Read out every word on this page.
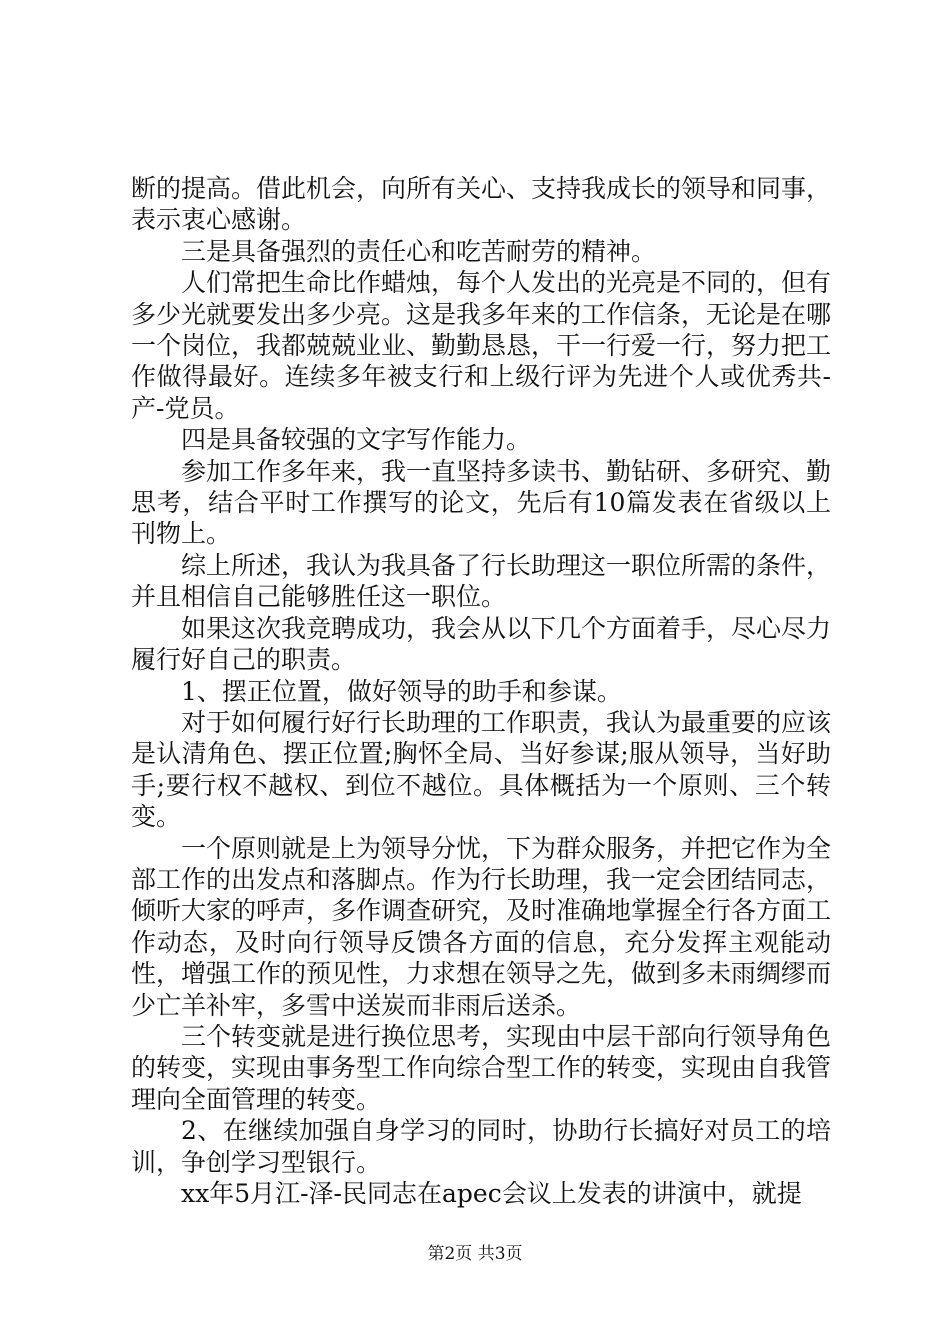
断的提高。借此机会，向所有关心、支持我成长的领导和同事，表示衷心感谢。

三是具备强烈的责任心和吃苦耐劳的精神。

人们常把生命比作蜡烛，每个人发出的光亮是不同的，但有多少光就要发出多少亮。这是我多年来的工作信条，无论是在哪一个岗位，我都兢兢业业、勤勤恳恳，干一行爱一行，努力把工作做得最好。连续多年被支行和上级行评为先进个人或优秀共-产-党员。

四是具备较强的文字写作能力。

参加工作多年来，我一直坚持多读书、勤钻研、多研究、勤思考，结合平时工作撰写的论文，先后有10篇发表在省级以上刊物上。

综上所述，我认为我具备了行长助理这一职位所需的条件，并且相信自己能够胜任这一职位。

如果这次我竞聘成功，我会从以下几个方面着手，尽心尽力履行好自己的职责。

1、摆正位置，做好领导的助手和参谋。

对于如何履行好行长助理的工作职责，我认为最重要的应该是认清角色、摆正位置;胸怀全局、当好参谋;服从领导，当好助手;要行权不越权、到位不越位。具体概括为一个原则、三个转变。

一个原则就是上为领导分忧，下为群众服务，并把它作为全部工作的出发点和落脚点。作为行长助理，我一定会团结同志，倾听大家的呼声，多作调查研究，及时准确地掌握全行各方面工作动态，及时向行领导反馈各方面的信息，充分发挥主观能动性，增强工作的预见性，力求想在领导之先，做到多未雨绸缪而少亡羊补牢，多雪中送炭而非雨后送杀。

三个转变就是进行换位思考，实现由中层干部向行领导角色的转变，实现由事务型工作向综合型工作的转变，实现由自我管理向全面管理的转变。

2、在继续加强自身学习的同时，协助行长搞好对员工的培训，争创学习型银行。

xx年5月江-泽-民同志在apec会议上发表的讲演中，就提

第2页 共3页
